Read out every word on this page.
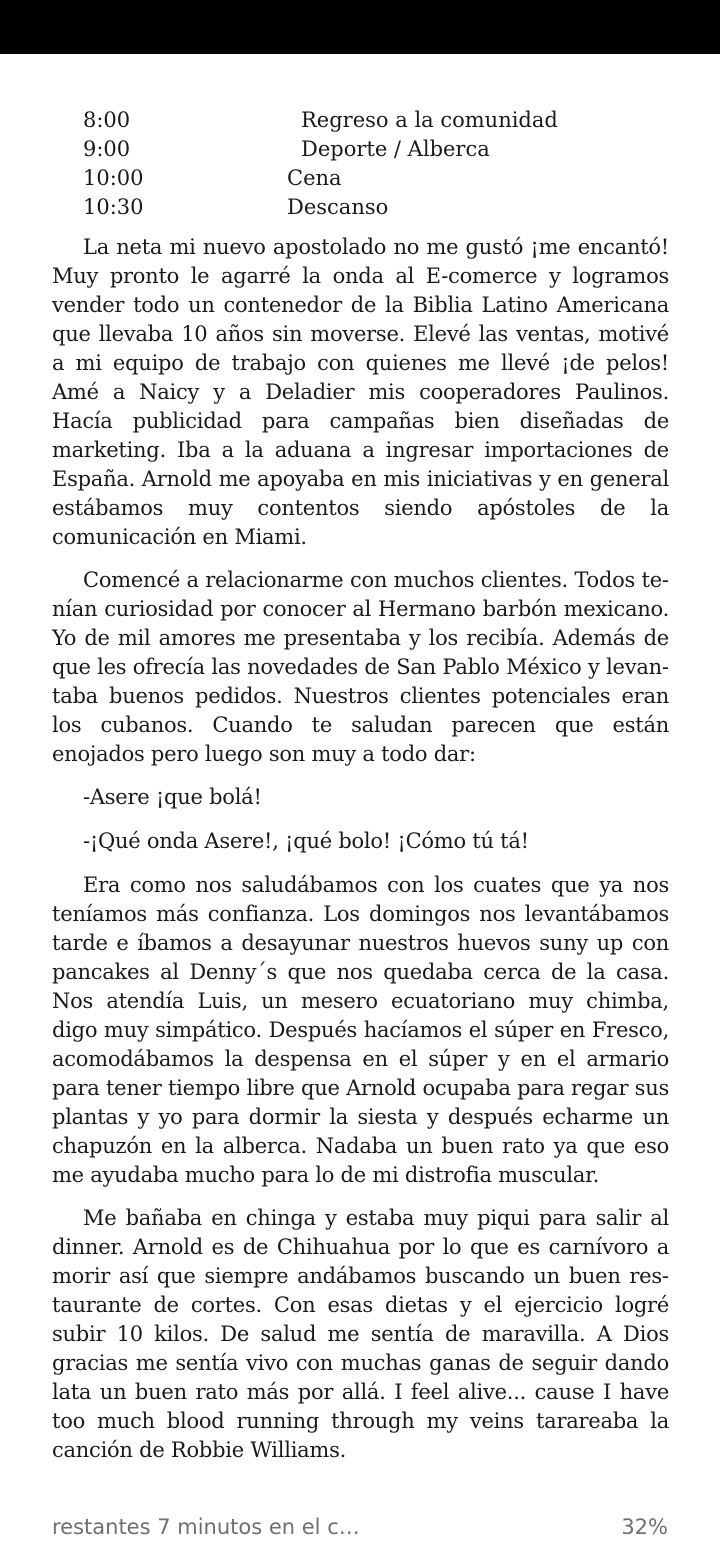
8:00	Regreso a la comunidad
9:00	Deporte / Alberca
10:00	Cena
10:30	Descanso

La neta mi nuevo apostolado no me gustó ¡me encantó! Muy pronto le agarré la onda al E-comerce y logramos vender todo un contenedor de la Biblia Latino Americana que llevaba 10 años sin moverse. Elevé las ventas, motivé a mi equipo de trabajo con quienes me llevé ¡de pelos! Amé a Naicy y a Deladier mis cooperadores Paulinos. Hacía publicidad para campañas bien diseñadas de marketing. Iba a la aduana a ingresar importaciones de España. Arnold me apoyaba en mis iniciativas y en general estábamos muy contentos siendo apóstoles de la comunicación en Miami.

Comencé a relacionarme con muchos clientes. Todos tenían curiosidad por conocer al Hermano barbón mexicano. Yo de mil amores me presentaba y los recibía. Además de que les ofrecía las novedades de San Pablo México y levantaba buenos pedidos. Nuestros clientes potenciales eran los cubanos. Cuando te saludan parecen que están enojados pero luego son muy a todo dar:

-Asere ¡que bolá!

-¡Qué onda Asere!, ¡qué bolo! ¡Cómo tú tá!

Era como nos saludábamos con los cuates que ya nos teníamos más confianza. Los domingos nos levantábamos tarde e íbamos a desayunar nuestros huevos suny up con pancakes al Denny´s que nos quedaba cerca de la casa. Nos atendía Luis, un mesero ecuatoriano muy chimba, digo muy simpático. Después hacíamos el súper en Fresco, acomodábamos la despensa en el súper y en el armario para tener tiempo libre que Arnold ocupaba para regar sus plantas y yo para dormir la siesta y después echarme un chapuzón en la alberca. Nadaba un buen rato ya que eso me ayudaba mucho para lo de mi distrofia muscular.

Me bañaba en chinga y estaba muy piqui para salir al dinner. Arnold es de Chihuahua por lo que es carnívoro a morir así que siempre andábamos buscando un buen restaurante de cortes. Con esas dietas y el ejercicio logré subir 10 kilos. De salud me sentía de maravilla. A Dios gracias me sentía vivo con muchas ganas de seguir dando lata un buen rato más por allá. I feel alive... cause I have too much blood running through my veins tarareaba la canción de Robbie Williams.

restantes 7 minutos en el c…	32%
